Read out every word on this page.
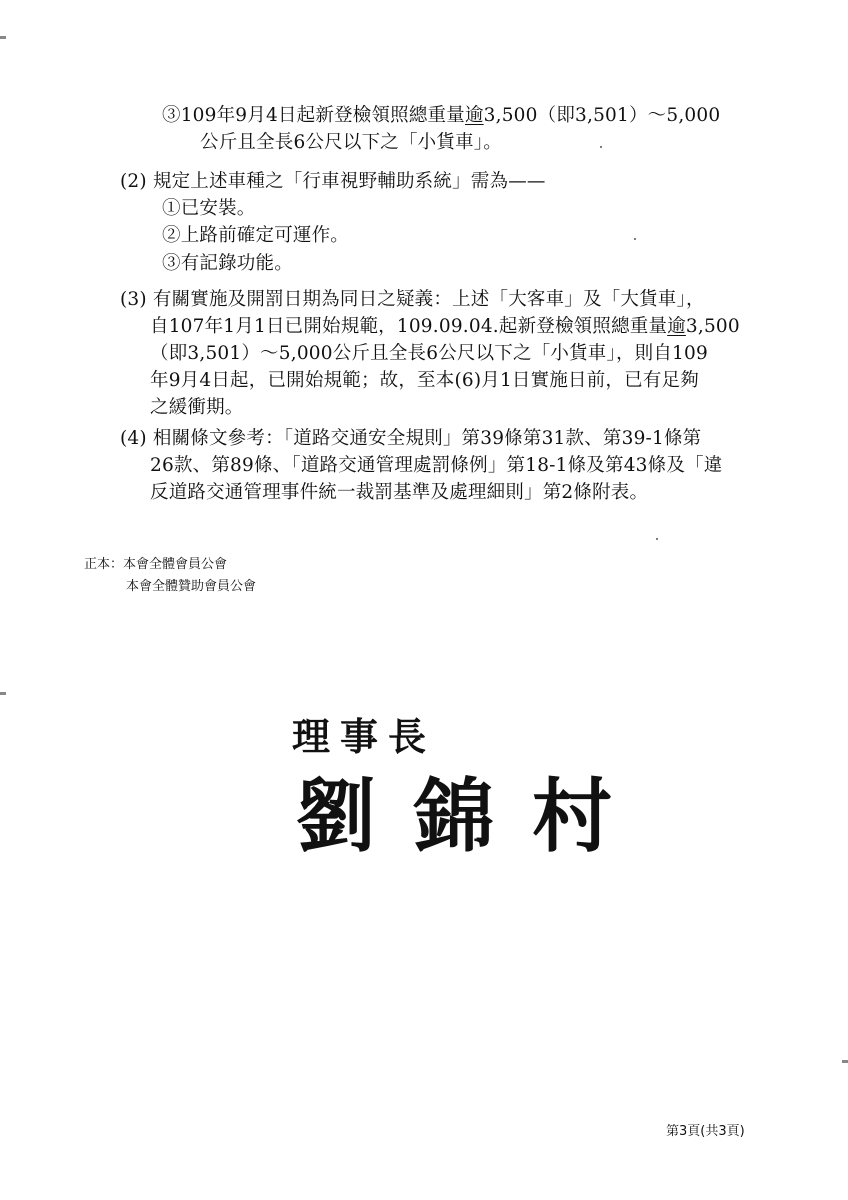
③109年9月4日起新登檢領照總重量逾3,500（即3,501）～5,000
公斤且全長6公尺以下之「小貨車」。
(2) 規定上述車種之「行車視野輔助系統」需為——
①已安裝。
②上路前確定可運作。
③有記錄功能。
(3) 有關實施及開罰日期為同日之疑義：上述「大客車」及「大貨車」，
自107年1月1日已開始規範，109.09.04.起新登檢領照總重量逾3,500
（即3,501）～5,000公斤且全長6公尺以下之「小貨車」，則自109
年9月4日起，已開始規範；故，至本(6)月1日實施日前，已有足夠
之緩衝期。
(4) 相關條文參考：「道路交通安全規則」第39條第31款、第39-1條第
26款、第89條、「道路交通管理處罰條例」第18-1條及第43條及「違
反道路交通管理事件統一裁罰基準及處理細則」第2條附表。
正本：本會全體會員公會
本會全體贊助會員公會
理事長
劉錦村
第3頁(共3頁)
